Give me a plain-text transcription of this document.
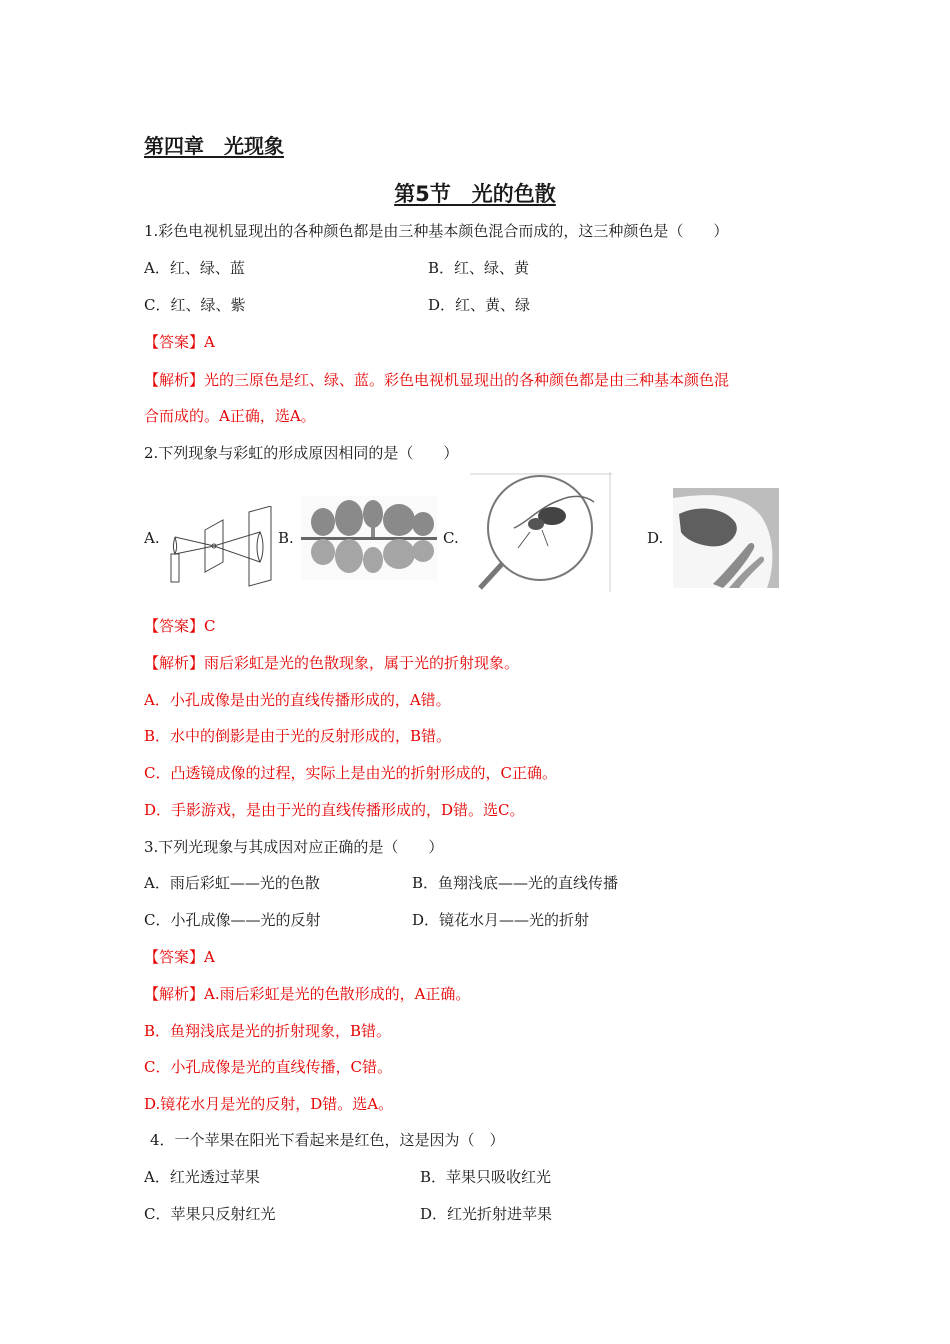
第四章　光现象
第5节　光的色散
1.彩色电视机显现出的各种颜色都是由三种基本颜色混合而成的，这三种颜色是（　　）
A．红、绿、蓝	B．红、绿、黄
C．红、绿、紫	D．红、黄、绿
【答案】A
【解析】光的三原色是红、绿、蓝。彩色电视机显现出的各种颜色都是由三种基本颜色混
合而成的。A正确，选A。
2.下列现象与彩虹的形成原因相同的是（　　）
A.	B.	C.	D.
【答案】C
【解析】雨后彩虹是光的色散现象，属于光的折射现象。
A．小孔成像是由光的直线传播形成的，A错。
B．水中的倒影是由于光的反射形成的，B错。
C．凸透镜成像的过程，实际上是由光的折射形成的，C正确。
D．手影游戏，是由于光的直线传播形成的，D错。选C。
3.下列光现象与其成因对应正确的是（　　）
A．雨后彩虹——光的色散	B．鱼翔浅底——光的直线传播
C．小孔成像——光的反射	D．镜花水月——光的折射
【答案】A
【解析】A.雨后彩虹是光的色散形成的，A正确。
B．鱼翔浅底是光的折射现象，B错。
C．小孔成像是光的直线传播，C错。
D.镜花水月是光的反射，D错。选A。
4．一个苹果在阳光下看起来是红色，这是因为（　）
A．红光透过苹果	B．苹果只吸收红光
C．苹果只反射红光	D．红光折射进苹果
